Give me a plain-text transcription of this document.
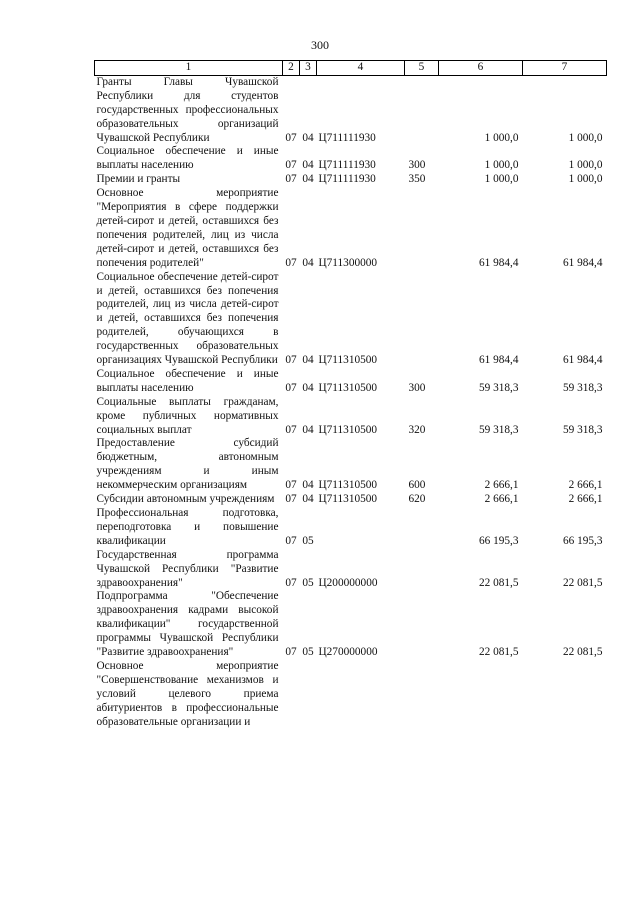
300
1	2	3	4	5	6	7
Гранты Главы Чувашской Республики для студентов государственных профессиональных образовательных организаций Чувашской Республики	07	04	Ц711111930		1 000,0	1 000,0
Социальное обеспечение и иные выплаты населению	07	04	Ц711111930	300	1 000,0	1 000,0
Премии и гранты	07	04	Ц711111930	350	1 000,0	1 000,0
Основное мероприятие "Мероприятия в сфере поддержки детей-сирот и детей, оставшихся без попечения родителей, лиц из числа детей-сирот и детей, оставшихся без попечения родителей"	07	04	Ц711300000		61 984,4	61 984,4
Социальное обеспечение детей-сирот и детей, оставшихся без попечения родителей, лиц из числа детей-сирот и детей, оставшихся без попечения родителей, обучающихся в государственных образовательных организациях Чувашской Республики	07	04	Ц711310500		61 984,4	61 984,4
Социальное обеспечение и иные выплаты населению	07	04	Ц711310500	300	59 318,3	59 318,3
Социальные выплаты гражданам, кроме публичных нормативных социальных выплат	07	04	Ц711310500	320	59 318,3	59 318,3
Предоставление субсидий бюджетным, автономным учреждениям и иным некоммерческим организациям	07	04	Ц711310500	600	2 666,1	2 666,1
Субсидии автономным учреждениям	07	04	Ц711310500	620	2 666,1	2 666,1
Профессиональная подготовка, переподготовка и повышение квалификации	07	05			66 195,3	66 195,3
Государственная программа Чувашской Республики "Развитие здравоохранения"	07	05	Ц200000000		22 081,5	22 081,5
Подпрограмма "Обеспечение здравоохранения кадрами высокой квалификации" государственной программы Чувашской Республики "Развитие здравоохранения"	07	05	Ц270000000		22 081,5	22 081,5
Основное мероприятие "Совершенствование механизмов и условий целевого приема абитуриентов в профессиональные образовательные организации и						
